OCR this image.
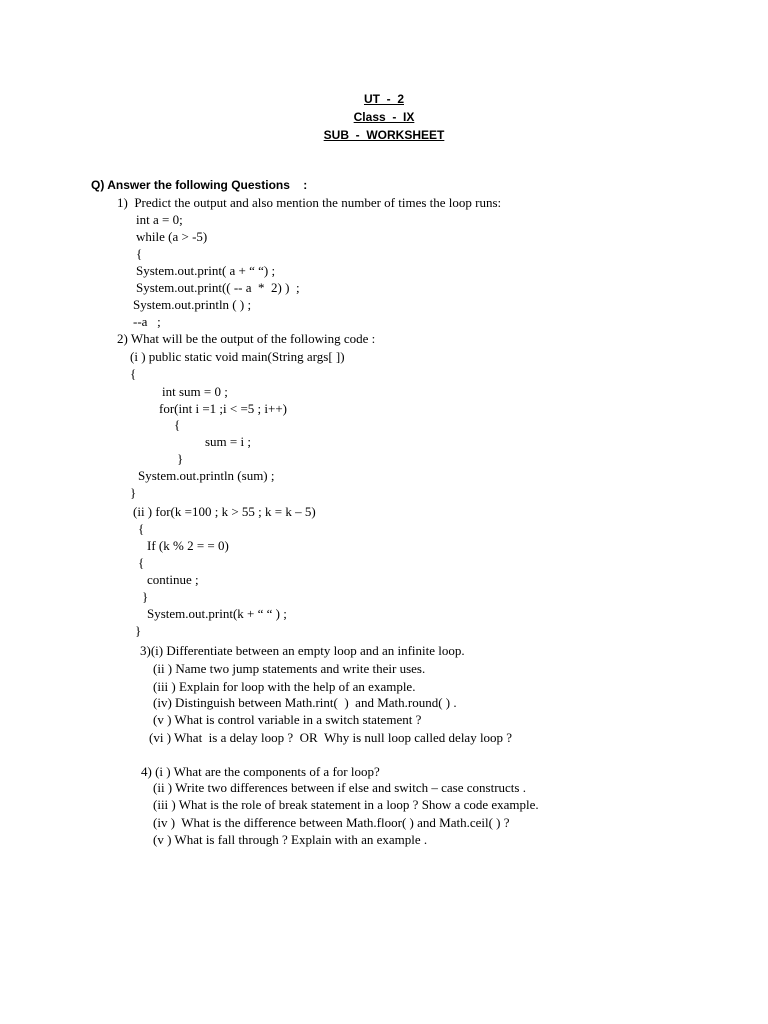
UT  -  2
Class  -  IX
SUB  -  WORKSHEET
Q) Answer the following Questions    :
1)  Predict the output and also mention the number of times the loop runs:
int a = 0;
while (a > -5)
{
System.out.print( a + “ “) ;
System.out.print(( -- a  *  2) )  ;
System.out.println ( ) ;
--a   ;
2) What will be the output of the following code :
(i ) public static void main(String args[ ])
{
int sum = 0 ;
for(int i =1 ;i < =5 ; i++)
{
sum = i ;
}
System.out.println (sum) ;
}
(ii ) for(k =100 ; k > 55 ; k = k – 5)
{
If (k % 2 = = 0)
{
continue ;
}
System.out.print(k + “ “ ) ;
}
3)(i) Differentiate between an empty loop and an infinite loop.
(ii ) Name two jump statements and write their uses.
(iii ) Explain for loop with the help of an example.
(iv) Distinguish between Math.rint(  )  and Math.round( ) .
(v ) What is control variable in a switch statement ?
(vi ) What  is a delay loop ?  OR  Why is null loop called delay loop ?
4) (i ) What are the components of a for loop?
(ii ) Write two differences between if else and switch – case constructs .
(iii ) What is the role of break statement in a loop ? Show a code example.
(iv )  What is the difference between Math.floor( ) and Math.ceil( ) ?
(v ) What is fall through ? Explain with an example .
